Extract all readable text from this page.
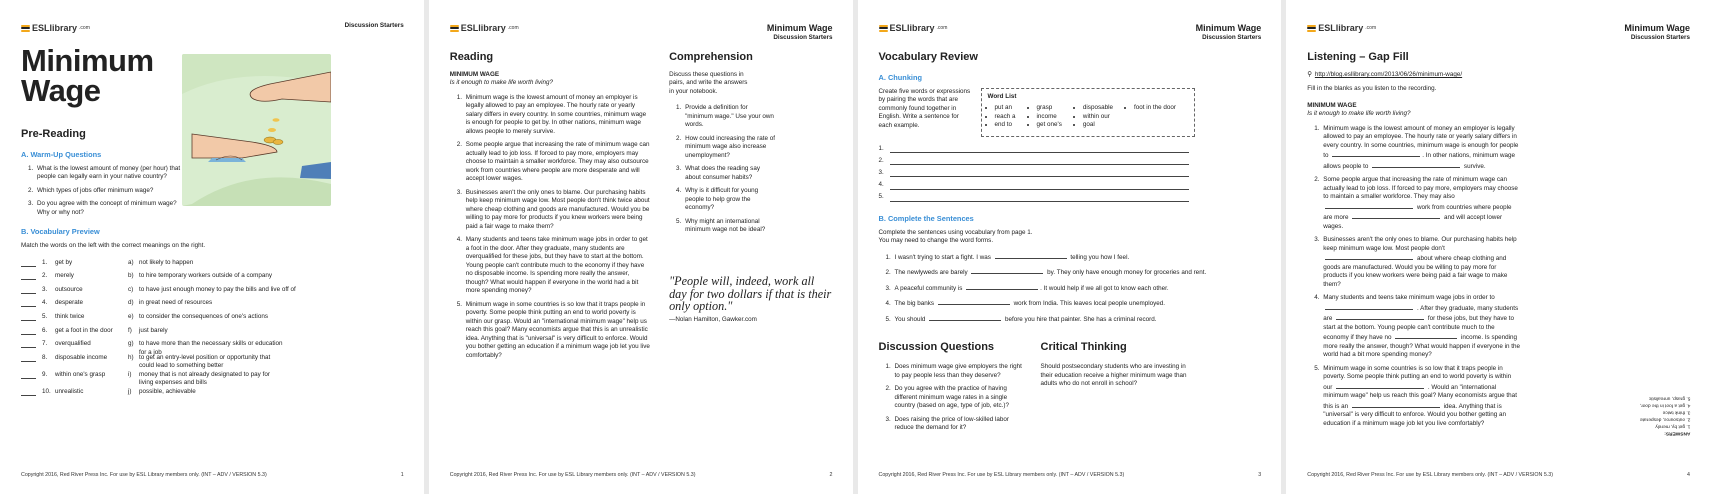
ESLlibrary .com	Discussion Starters
Minimum
Wage
Pre-Reading
A. Warm-Up Questions
1. What is the lowest amount of money (per hour) that people can legally earn in your native country?
2. Which types of jobs offer minimum wage?
3. Do you agree with the concept of minimum wage? Why or why not?
B. Vocabulary Preview
Match the words on the left with the correct meanings on the right.
1.	get by	a) not likely to happen
2.	merely	b) to hire temporary workers outside of a company
3.	outsource	c) to have just enough money to pay the bills and live off of
4.	desperate	d) in great need of resources
5.	think twice	e) to consider the consequences of one's actions
6.	get a foot in the door	f)	just barely
7.	overqualified	g) to have more than the necessary skills or education for a job
8.	disposable income	h) to get an entry-level position or opportunity that could lead to something better
9.	within one's grasp	i)	money that is not already designated to pay for living expenses and bills
10. unrealistic	j)	possible, achievable
Copyright 2016, Red River Press Inc. For use by ESL Library members only. (INT – ADV / VERSION 5.3)	1
ESLlibrary .com	Minimum Wage
Discussion Starters
Reading
MINIMUM WAGE
Is it enough to make life worth living?
1. Minimum wage is the lowest amount of money an employer is legally allowed to pay an employee. The hourly rate or yearly salary differs in every country. In some countries, minimum wage is enough for people to get by. In other nations, minimum wage allows people to merely survive.
2. Some people argue that increasing the rate of minimum wage can actually lead to job loss. If forced to pay more, employers may choose to maintain a smaller workforce. They may also outsource work from countries where people are more desperate and will accept lower wages.
3. Businesses aren't the only ones to blame. Our purchasing habits help keep minimum wage low. Most people don't think twice about where cheap clothing and goods are manufactured. Would you be willing to pay more for products if you knew workers were being paid a fair wage to make them?
4. Many students and teens take minimum wage jobs in order to get a foot in the door. After they graduate, many students are overqualified for these jobs, but they have to start at the bottom. Young people can't contribute much to the economy if they have no disposable income. Is spending more really the answer, though? What would happen if everyone in the world had a bit more spending money?
5. Minimum wage in some countries is so low that it traps people in poverty. Some people think putting an end to world poverty is within our grasp. Would an "international minimum wage" help us reach this goal? Many economists argue that this is an unrealistic idea. Anything that is "universal" is very difficult to enforce. Would you bother getting an education if a minimum wage job let you live comfortably?
Comprehension
Discuss these questions in pairs, and write the answers in your notebook.
1. Provide a definition for "minimum wage." Use your own words.
2. How could increasing the rate of minimum wage also increase unemployment?
3. What does the reading say about consumer habits?
4. Why is it difficult for young people to help grow the economy?
5. Why might an international minimum wage not be ideal?
"People will, indeed, work all day for two dollars if that is their only option."
—Nolan Hamilton, Gawker.com
Copyright 2016, Red River Press Inc. For use by ESL Library members only. (INT – ADV / VERSION 5.3)	2
ESLlibrary .com	Minimum Wage
Discussion Starters
Vocabulary Review
A. Chunking
Create five words or expressions by pairing the words that are commonly found together in English. Write a sentence for each example.
Word List
• put an
• reach a
• end to
• grasp
• income
• get one's
• disposable
• within our
• goal
• foot in the door
1.
2.
3.
4.
5.
B. Complete the Sentences
Complete the sentences using vocabulary from page 1. You may need to change the word forms.
1. I wasn't trying to start a fight. I was	telling you how I feel.
2. The newlyweds are barely	by. They only have enough money for groceries and rent.
3. A peaceful community is	. It would help if we all got to know each other.
4. The big banks	work from India. This leaves local people unemployed.
5. You should	before you hire that painter. She has a criminal record.
Discussion Questions
1. Does minimum wage give employers the right to pay people less than they deserve?
2. Do you agree with the practice of having different minimum wage rates in a single country (based on age, type of job, etc.)?
3. Does raising the price of low-skilled labor reduce the demand for it?
Critical Thinking
Should postsecondary students who are investing in their education receive a higher minimum wage than adults who do not enroll in school?
Copyright 2016, Red River Press Inc. For use by ESL Library members only. (INT – ADV / VERSION 5.3)	3
ESLlibrary .com	Minimum Wage
Discussion Starters
Listening – Gap Fill
⚲ http://blog.esllibrary.com/2013/06/26/minimum-wage/
Fill in the blanks as you listen to the recording.
MINIMUM WAGE
Is it enough to make life worth living?
1. Minimum wage is the lowest amount of money an employer is legally allowed to pay an employee. The hourly rate or yearly salary differs in every country. In some countries, minimum wage is enough for people to	. In other nations, minimum wage allows people to	survive.
2. Some people argue that increasing the rate of minimum wage can actually lead to job loss. If forced to pay more, employers may choose to maintain a smaller workforce. They may also  work from countries where people are more	and will accept lower wages.
3. Businesses aren't the only ones to blame. Our purchasing habits help keep minimum wage low. Most people don't  about where cheap clothing and goods are manufactured. Would you be willing to pay more for products if you knew workers were being paid a fair wage to make them?
4. Many students and teens take minimum wage jobs in order to  . After they graduate, many students are	for these jobs, but they have to start at the bottom. Young people can't contribute much to the economy if they have no	income. Is spending more really the answer, though? What would happen if everyone in the world had a bit more spending money?
5. Minimum wage in some countries is so low that it traps people in poverty. Some people think putting an end to world poverty is within our	. Would an "international minimum wage" help us reach this goal? Many economists argue that this is an	idea. Anything that is "universal" is very difficult to enforce. Would you bother getting an education if a minimum wage job let you live comfortably?
ANSWERS:
1. get by, merely
2. outsource, desperate
3. think twice
4. get a foot in the door,
5. grasp, unrealistic
Copyright 2016, Red River Press Inc. For use by ESL Library members only. (INT – ADV / VERSION 5.3)	4
